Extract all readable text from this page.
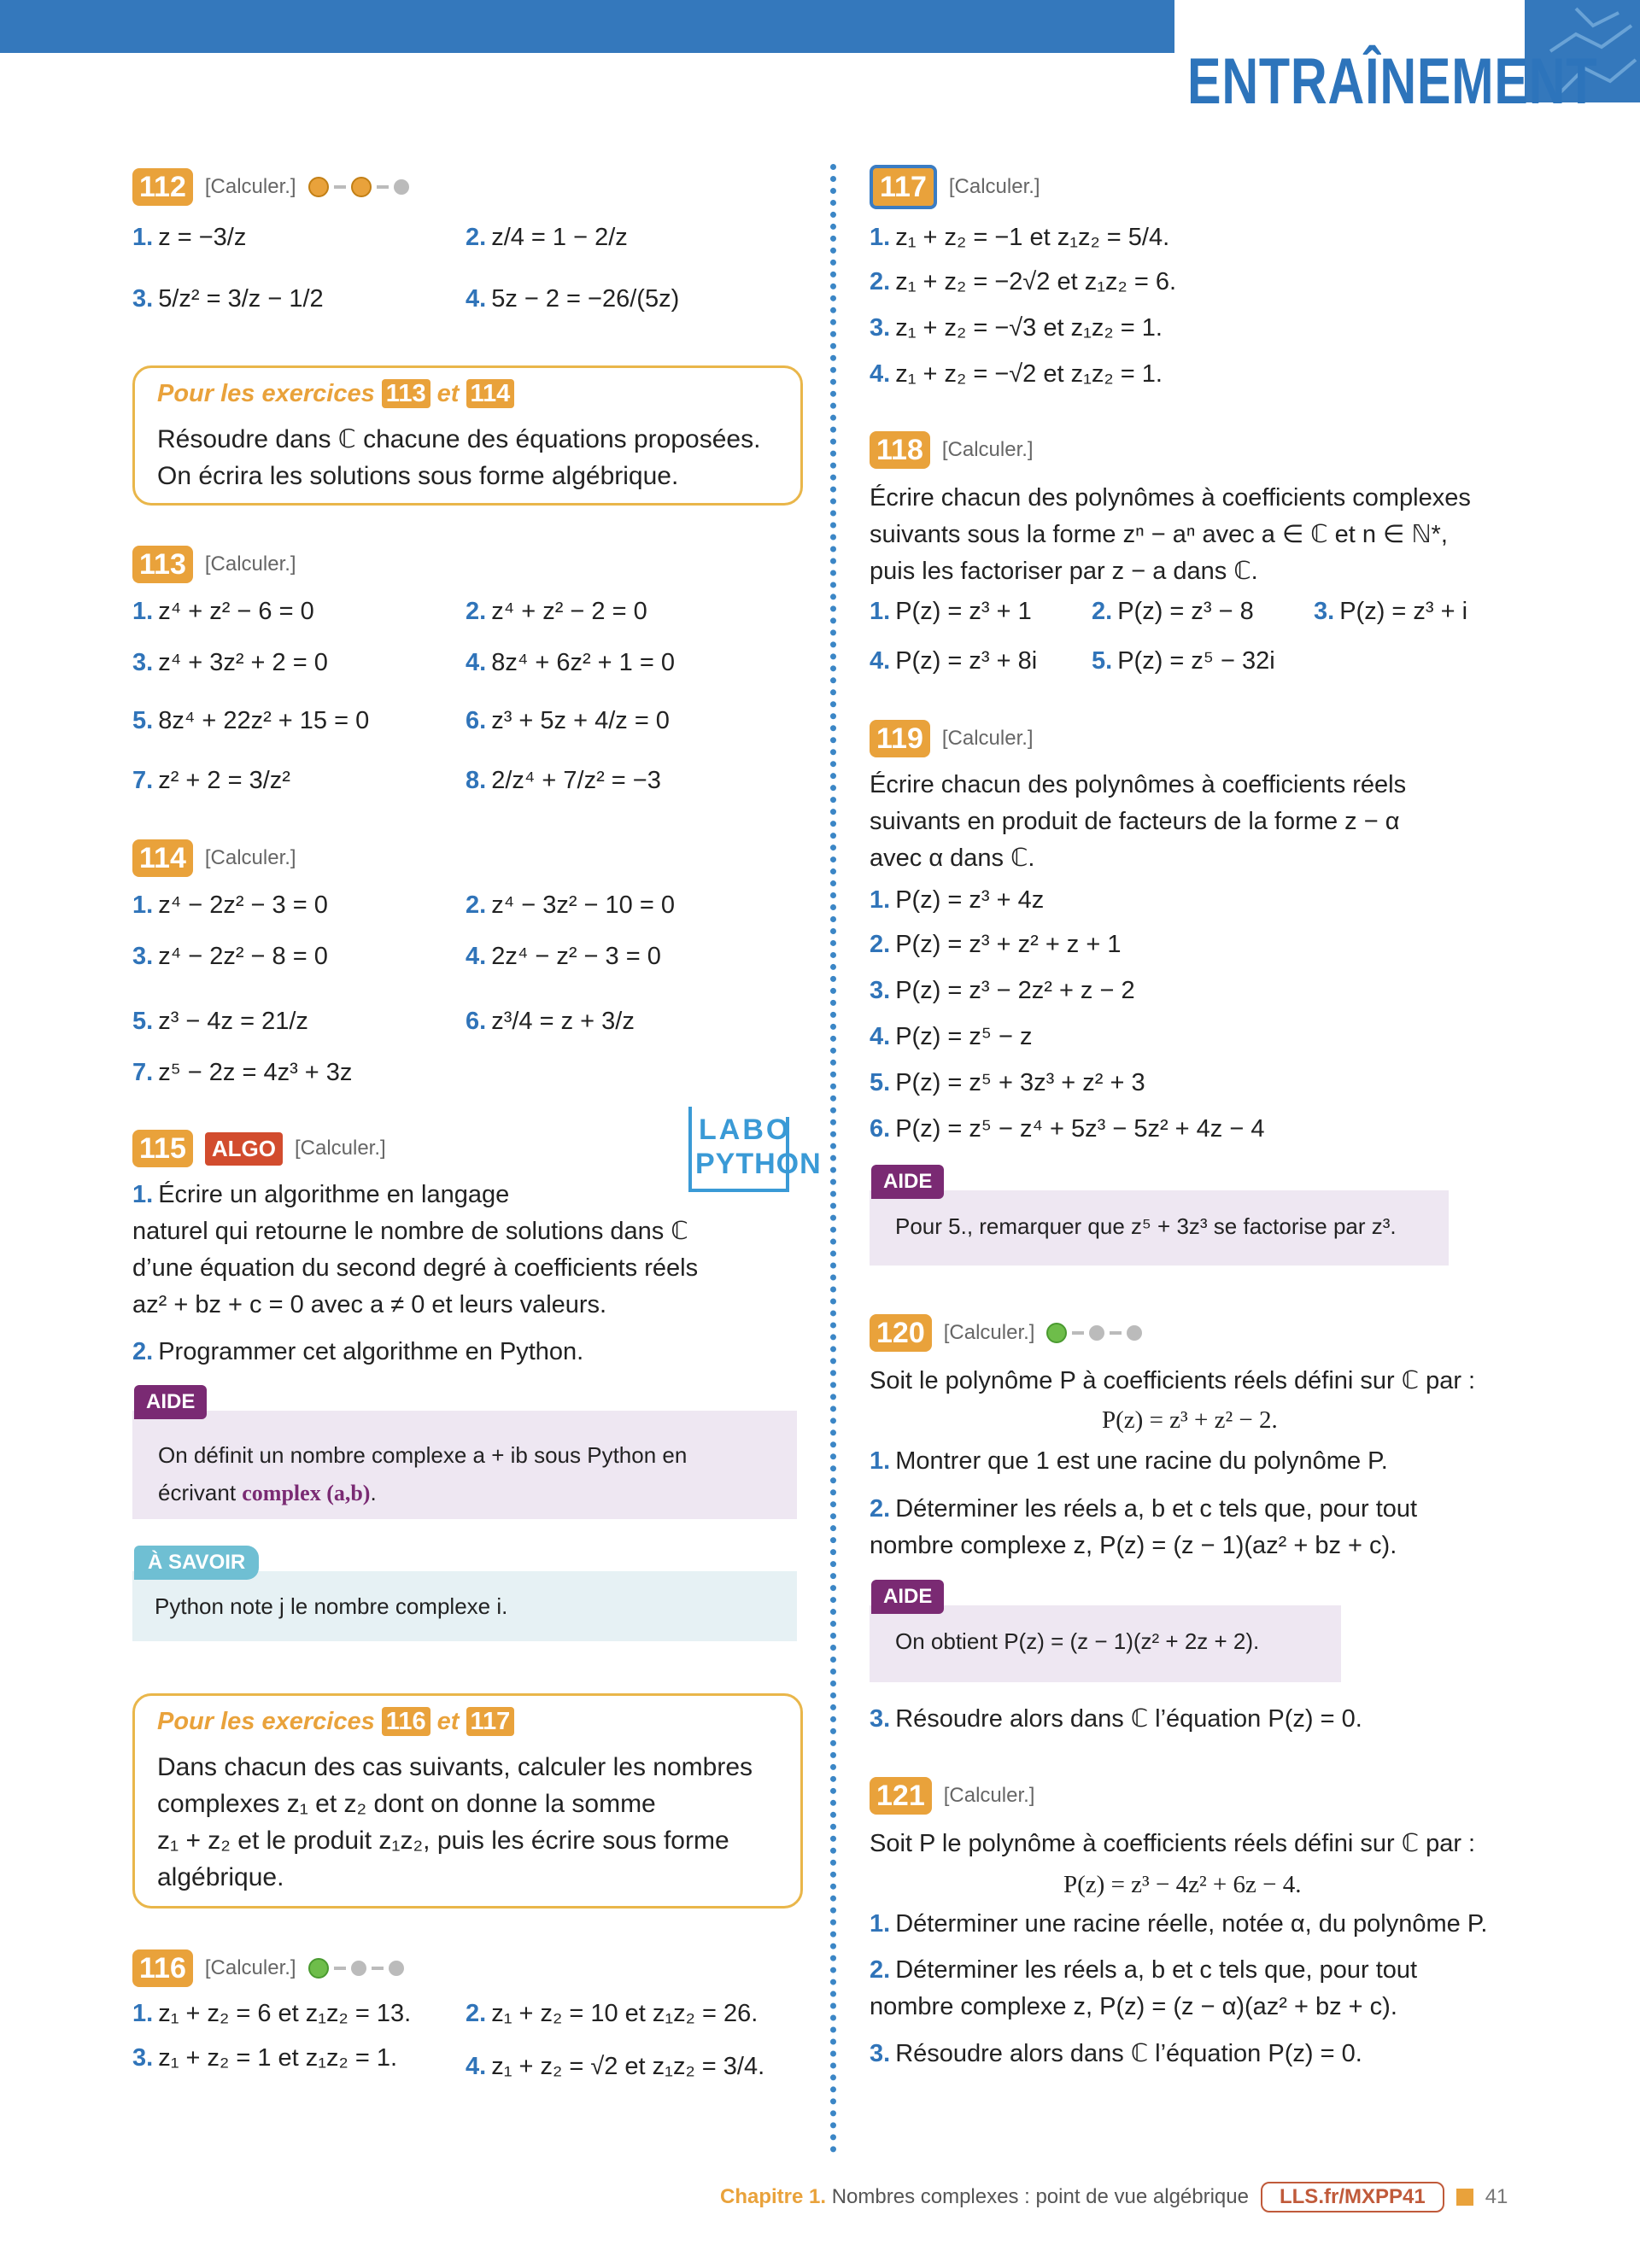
ENTRAÎNEMENT
112 [Calculer.]
1. z = −3/z	2. z/4 = 1 − 2/z
3. 5/z² = 3/z − 1/2	4. 5z − 2 = −26/(5z)
Pour les exercices 113 et 114
Résoudre dans ℂ chacune des équations proposées.
On écrira les solutions sous forme algébrique.
113 [Calculer.]
1. z⁴ + z² − 6 = 0	2. z⁴ + z² − 2 = 0
3. z⁴ + 3z² + 2 = 0	4. 8z⁴ + 6z² + 1 = 0
5. 8z⁴ + 22z² + 15 = 0	6. z³ + 5z + 4/z = 0
7. z² + 2 = 3/z²	8. 2/z⁴ + 7/z² = −3
114 [Calculer.]
1. z⁴ − 2z² − 3 = 0	2. z⁴ − 3z² − 10 = 0
3. z⁴ − 2z² − 8 = 0	4. 2z⁴ − z² − 3 = 0
5. z³ − 4z = 21/z	6. z³/4 = z + 3/z
7. z⁵ − 2z = 4z³ + 3z
115	ALGO [Calculer.]
LABO
PYTHON
1. Écrire un algorithme en langage
naturel qui retourne le nombre de solutions dans ℂ
d’une équation du second degré à coefficients réels
az² + bz + c = 0 avec a ≠ 0 et leurs valeurs.
2. Programmer cet algorithme en Python.
AIDE
On définit un nombre complexe a + ib sous Python en
écrivant complex (a,b).
À SAVOIR
Python note j le nombre complexe i.
Pour les exercices 116 et 117
Dans chacun des cas suivants, calculer les nombres
complexes z₁ et z₂ dont on donne la somme
z₁ + z₂ et le produit z₁z₂, puis les écrire sous forme
algébrique.
116 [Calculer.]
1. z₁ + z₂ = 6 et z₁z₂ = 13. 2. z₁ + z₂ = 10 et z₁z₂ = 26.
3. z₁ + z₂ = 1 et z₁z₂ = 1.	4. z₁ + z₂ = √2 et z₁z₂ = 3/4.
117	[Calculer.]
1. z₁ + z₂ = −1 et z₁z₂ = 5/4.
2. z₁ + z₂ = −2√2 et z₁z₂ = 6.
3. z₁ + z₂ = −√3 et z₁z₂ = 1.
4. z₁ + z₂ = −√2 et z₁z₂ = 1.
118 [Calculer.]
Écrire chacun des polynômes à coefficients complexes
suivants sous la forme zⁿ − aⁿ avec a ∈ ℂ et n ∈ ℕ*,
puis les factoriser par z − a dans ℂ.
1. P(z) = z³ + 1 2. P(z) = z³ − 8 3. P(z) = z³ + i
4. P(z) = z³ + 8i 5. P(z) = z⁵ − 32i
119 [Calculer.]
Écrire chacun des polynômes à coefficients réels
suivants en produit de facteurs de la forme z − α
avec α dans ℂ.
1. P(z) = z³ + 4z
2. P(z) = z³ + z² + z + 1
3. P(z) = z³ − 2z² + z − 2
4. P(z) = z⁵ − z
5. P(z) = z⁵ + 3z³ + z² + 3
6. P(z) = z⁵ − z⁴ + 5z³ − 5z² + 4z − 4
AIDE
Pour 5., remarquer que z⁵ + 3z³ se factorise par z³.
120 [Calculer.]
Soit le polynôme P à coefficients réels défini sur ℂ par :
P(z) = z³ + z² − 2.
1. Montrer que 1 est une racine du polynôme P.
2. Déterminer les réels a, b et c tels que, pour tout
nombre complexe z, P(z) = (z − 1)(az² + bz + c).
AIDE
On obtient P(z) = (z − 1)(z² + 2z + 2).
3. Résoudre alors dans ℂ l’équation P(z) = 0.
121 [Calculer.]
Soit P le polynôme à coefficients réels défini sur ℂ par :
P(z) = z³ − 4z² + 6z − 4.
1. Déterminer une racine réelle, notée α, du polynôme P.
2. Déterminer les réels a, b et c tels que, pour tout
nombre complexe z, P(z) = (z − α)(az² + bz + c).
3. Résoudre alors dans ℂ l’équation P(z) = 0.
Chapitre 1. Nombres complexes : point de vue algébrique	LLS.fr/MXPP41	41
